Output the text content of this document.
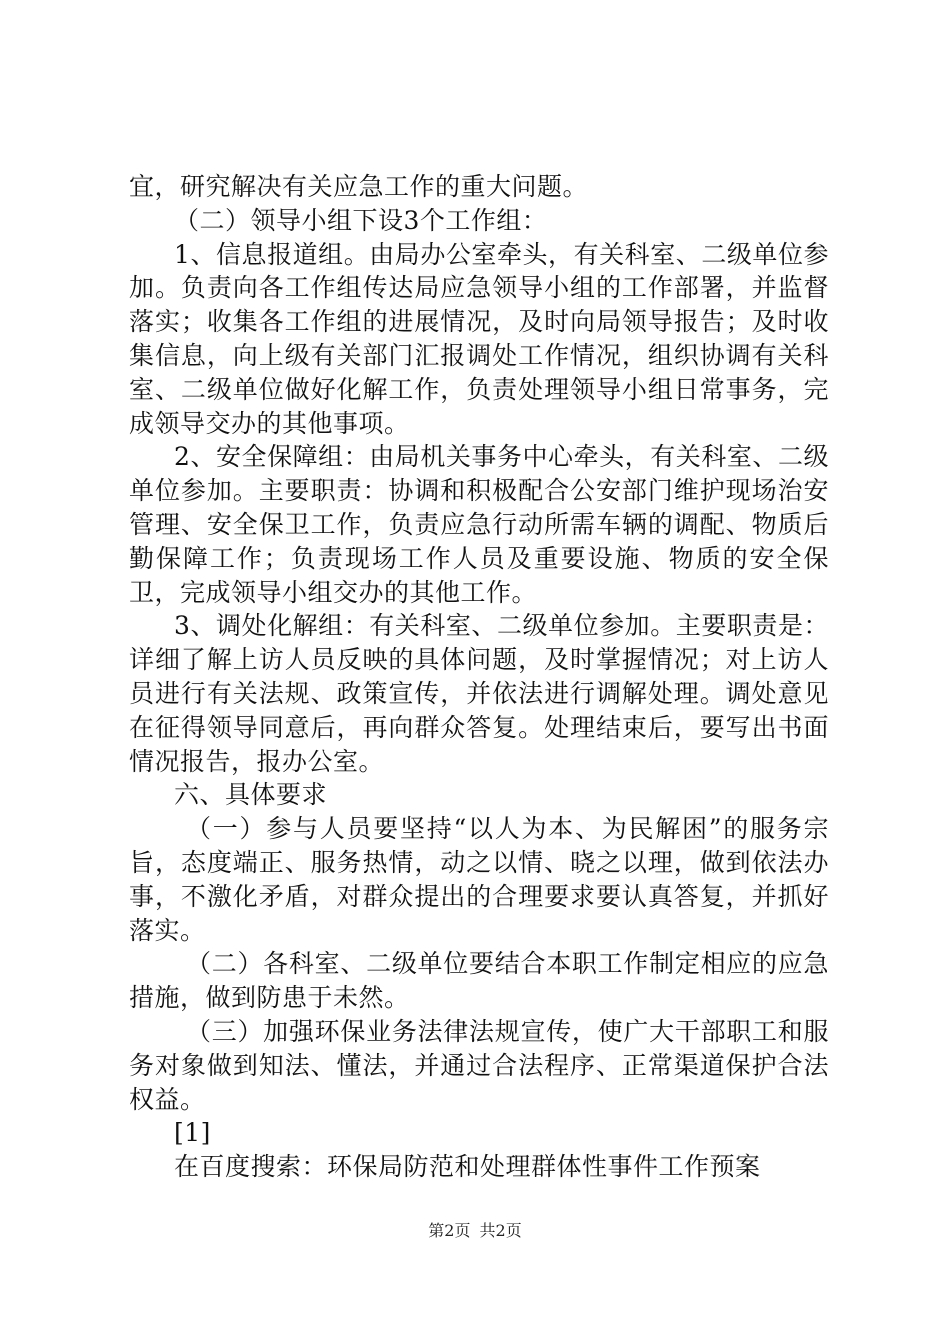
宜，研究解决有关应急工作的重大问题。

（二）领导小组下设3个工作组：

1、信息报道组。由局办公室牵头，有关科室、二级单位参加。负责向各工作组传达局应急领导小组的工作部署，并监督落实；收集各工作组的进展情况，及时向局领导报告；及时收集信息，向上级有关部门汇报调处工作情况，组织协调有关科室、二级单位做好化解工作，负责处理领导小组日常事务，完成领导交办的其他事项。

2、安全保障组：由局机关事务中心牵头，有关科室、二级单位参加。主要职责：协调和积极配合公安部门维护现场治安管理、安全保卫工作，负责应急行动所需车辆的调配、物质后勤保障工作；负责现场工作人员及重要设施、物质的安全保卫，完成领导小组交办的其他工作。

3、调处化解组：有关科室、二级单位参加。主要职责是：详细了解上访人员反映的具体问题，及时掌握情况；对上访人员进行有关法规、政策宣传，并依法进行调解处理。调处意见在征得领导同意后，再向群众答复。处理结束后，要写出书面情况报告，报办公室。

六、具体要求

（一）参与人员要坚持“以人为本、为民解困”的服务宗旨，态度端正、服务热情，动之以情、晓之以理，做到依法办事，不激化矛盾，对群众提出的合理要求要认真答复，并抓好落实。

（二）各科室、二级单位要结合本职工作制定相应的应急措施，做到防患于未然。

（三）加强环保业务法律法规宣传，使广大干部职工和服务对象做到知法、懂法，并通过合法程序、正常渠道保护合法权益。

[1]

在百度搜索：环保局防范和处理群体性事件工作预案

第2页 共2页
